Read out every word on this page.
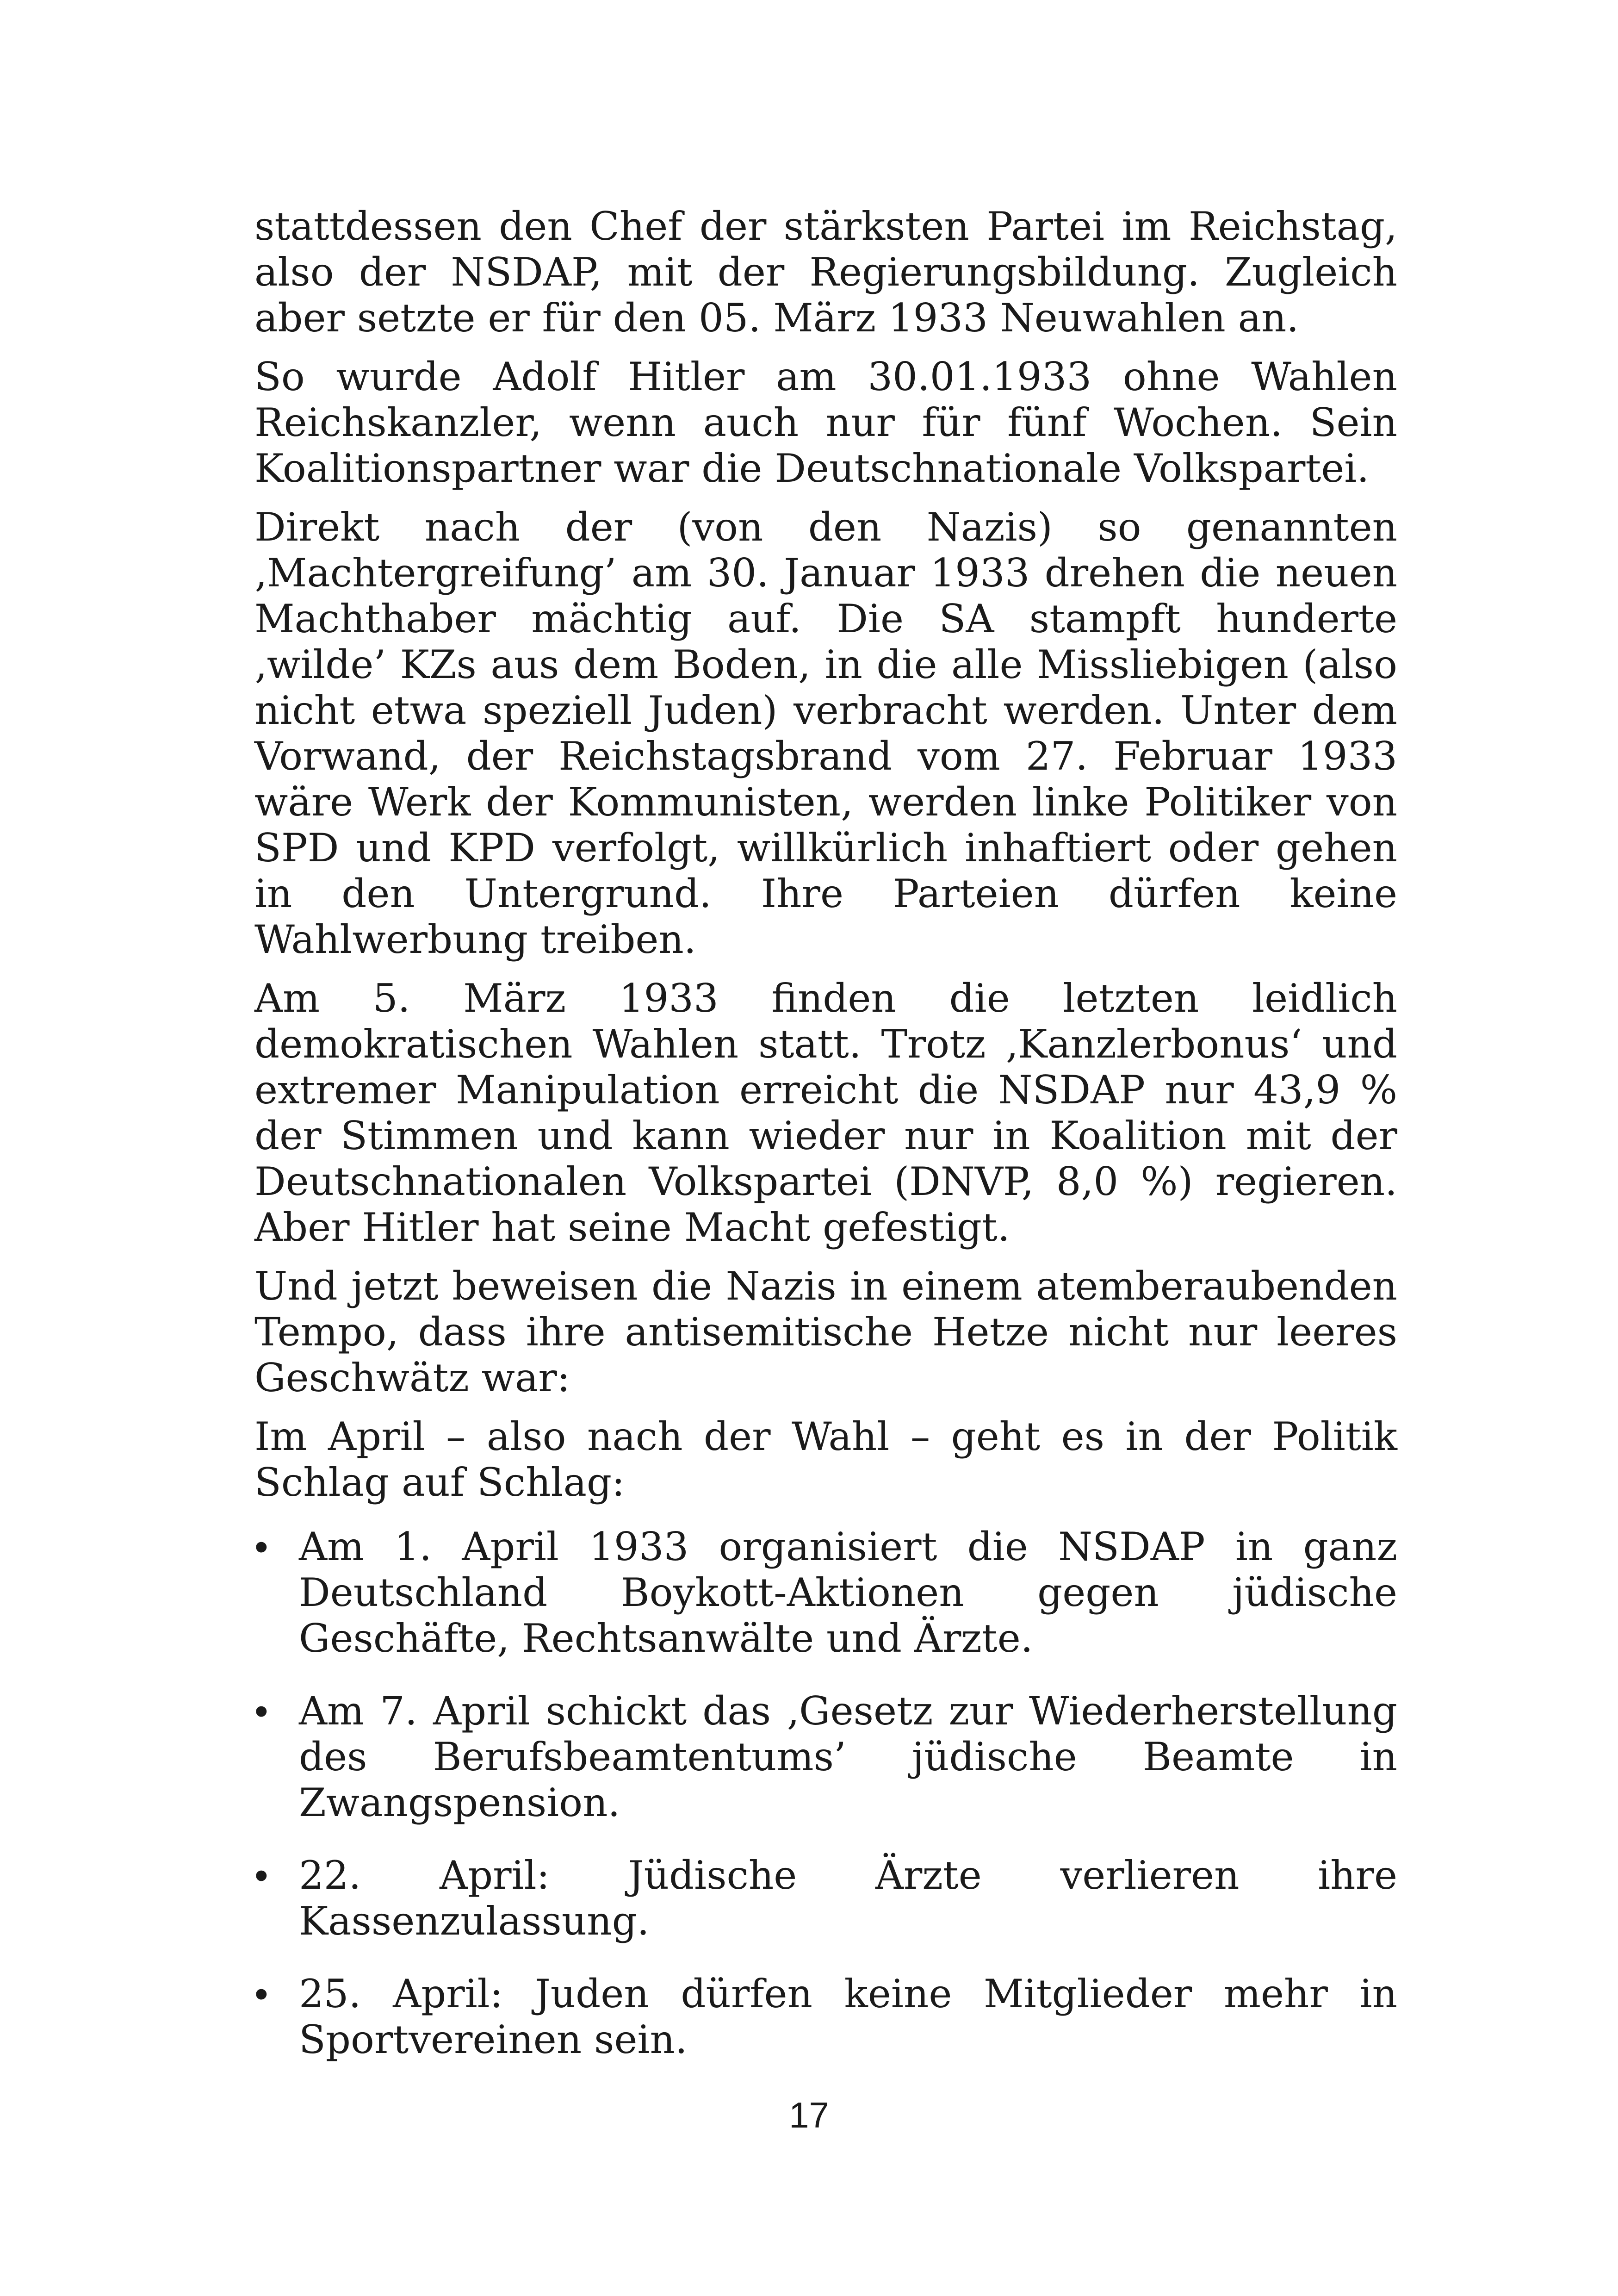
stattdessen den Chef der stärksten Partei im Reichstag, also der NSDAP, mit der Regierungsbildung. Zugleich aber setzte er für den 05. März 1933 Neuwahlen an.

So wurde Adolf Hitler am 30.01.1933 ohne Wahlen Reichskanzler, wenn auch nur für fünf Wochen. Sein Koalitionspartner war die Deutschnationale Volkspartei.

Direkt nach der (von den Nazis) so genannten ‚Machtergreifung’ am 30. Januar 1933 drehen die neuen Machthaber mächtig auf. Die SA stampft hunderte ‚wilde’ KZs aus dem Boden, in die alle Missliebigen (also nicht etwa speziell Juden) verbracht werden. Unter dem Vorwand, der Reichstagsbrand vom 27. Februar 1933 wäre Werk der Kommunisten, werden linke Politiker von SPD und KPD verfolgt, willkürlich inhaftiert oder gehen in den Untergrund. Ihre Parteien dürfen keine Wahlwerbung treiben.

Am 5. März 1933 finden die letzten leidlich demokratischen Wahlen statt. Trotz ‚Kanzlerbonus‘ und extremer Manipulation erreicht die NSDAP nur 43,9 % der Stimmen und kann wieder nur in Koalition mit der Deutschnationalen Volkspartei (DNVP, 8,0 %) regieren. Aber Hitler hat seine Macht gefestigt.

Und jetzt beweisen die Nazis in einem atemberaubenden Tempo, dass ihre antisemitische Hetze nicht nur leeres Geschwätz war:

Im April – also nach der Wahl – geht es in der Politik Schlag auf Schlag:

• Am 1. April 1933 organisiert die NSDAP in ganz Deutschland Boykott-Aktionen gegen jüdische Geschäfte, Rechtsanwälte und Ärzte.
• Am 7. April schickt das ‚Gesetz zur Wiederherstellung des Berufsbeamtentums’ jüdische Beamte in Zwangspension.
• 22. April: Jüdische Ärzte verlieren ihre Kassenzulassung.
• 25. April: Juden dürfen keine Mitglieder mehr in Sportvereinen sein.
17
